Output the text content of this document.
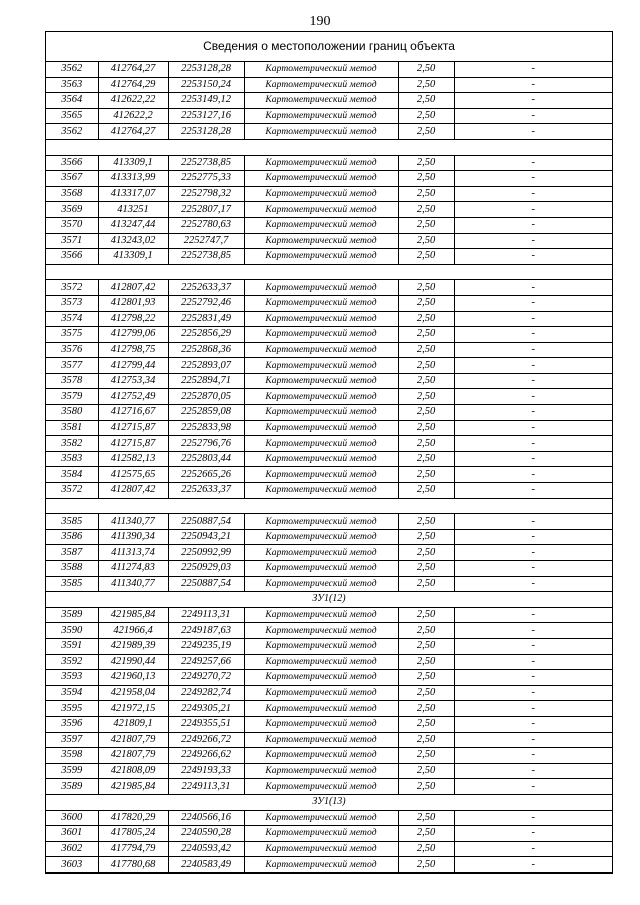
190
Сведения о местоположении границ объекта
3562	412764,27	2253128,28	Картометрический метод	2,50	-
3563	412764,29	2253150,24	Картометрический метод	2,50	-
3564	412622,22	2253149,12	Картометрический метод	2,50	-
3565	412622,2	2253127,16	Картометрический метод	2,50	-
3562	412764,27	2253128,28	Картометрический метод	2,50	-

3566	413309,1	2252738,85	Картометрический метод	2,50	-
3567	413313,99	2252775,33	Картометрический метод	2,50	-
3568	413317,07	2252798,32	Картометрический метод	2,50	-
3569	413251	2252807,17	Картометрический метод	2,50	-
3570	413247,44	2252780,63	Картометрический метод	2,50	-
3571	413243,02	2252747,7	Картометрический метод	2,50	-
3566	413309,1	2252738,85	Картометрический метод	2,50	-

3572	412807,42	2252633,37	Картометрический метод	2,50	-
3573	412801,93	2252792,46	Картометрический метод	2,50	-
3574	412798,22	2252831,49	Картометрический метод	2,50	-
3575	412799,06	2252856,29	Картометрический метод	2,50	-
3576	412798,75	2252868,36	Картометрический метод	2,50	-
3577	412799,44	2252893,07	Картометрический метод	2,50	-
3578	412753,34	2252894,71	Картометрический метод	2,50	-
3579	412752,49	2252870,05	Картометрический метод	2,50	-
3580	412716,67	2252859,08	Картометрический метод	2,50	-
3581	412715,87	2252833,98	Картометрический метод	2,50	-
3582	412715,87	2252796,76	Картометрический метод	2,50	-
3583	412582,13	2252803,44	Картометрический метод	2,50	-
3584	412575,65	2252665,26	Картометрический метод	2,50	-
3572	412807,42	2252633,37	Картометрический метод	2,50	-

3585	411340,77	2250887,54	Картометрический метод	2,50	-
3586	411390,34	2250943,21	Картометрический метод	2,50	-
3587	411313,74	2250992,99	Картометрический метод	2,50	-
3588	411274,83	2250929,03	Картометрический метод	2,50	-
3585	411340,77	2250887,54	Картометрический метод	2,50	-
ЗУ1(12)					
3589	421985,84	2249113,31	Картометрический метод	2,50	-
3590	421966,4	2249187,63	Картометрический метод	2,50	-
3591	421989,39	2249235,19	Картометрический метод	2,50	-
3592	421990,44	2249257,66	Картометрический метод	2,50	-
3593	421960,13	2249270,72	Картометрический метод	2,50	-
3594	421958,04	2249282,74	Картометрический метод	2,50	-
3595	421972,15	2249305,21	Картометрический метод	2,50	-
3596	421809,1	2249355,51	Картометрический метод	2,50	-
3597	421807,79	2249266,72	Картометрический метод	2,50	-
3598	421807,79	2249266,62	Картометрический метод	2,50	-
3599	421808,09	2249193,33	Картометрический метод	2,50	-
3589	421985,84	2249113,31	Картометрический метод	2,50	-
ЗУ1(13)					
3600	417820,29	2240566,16	Картометрический метод	2,50	-
3601	417805,24	2240590,28	Картометрический метод	2,50	-
3602	417794,79	2240593,42	Картометрический метод	2,50	-
3603	417780,68	2240583,49	Картометрический метод	2,50	-
